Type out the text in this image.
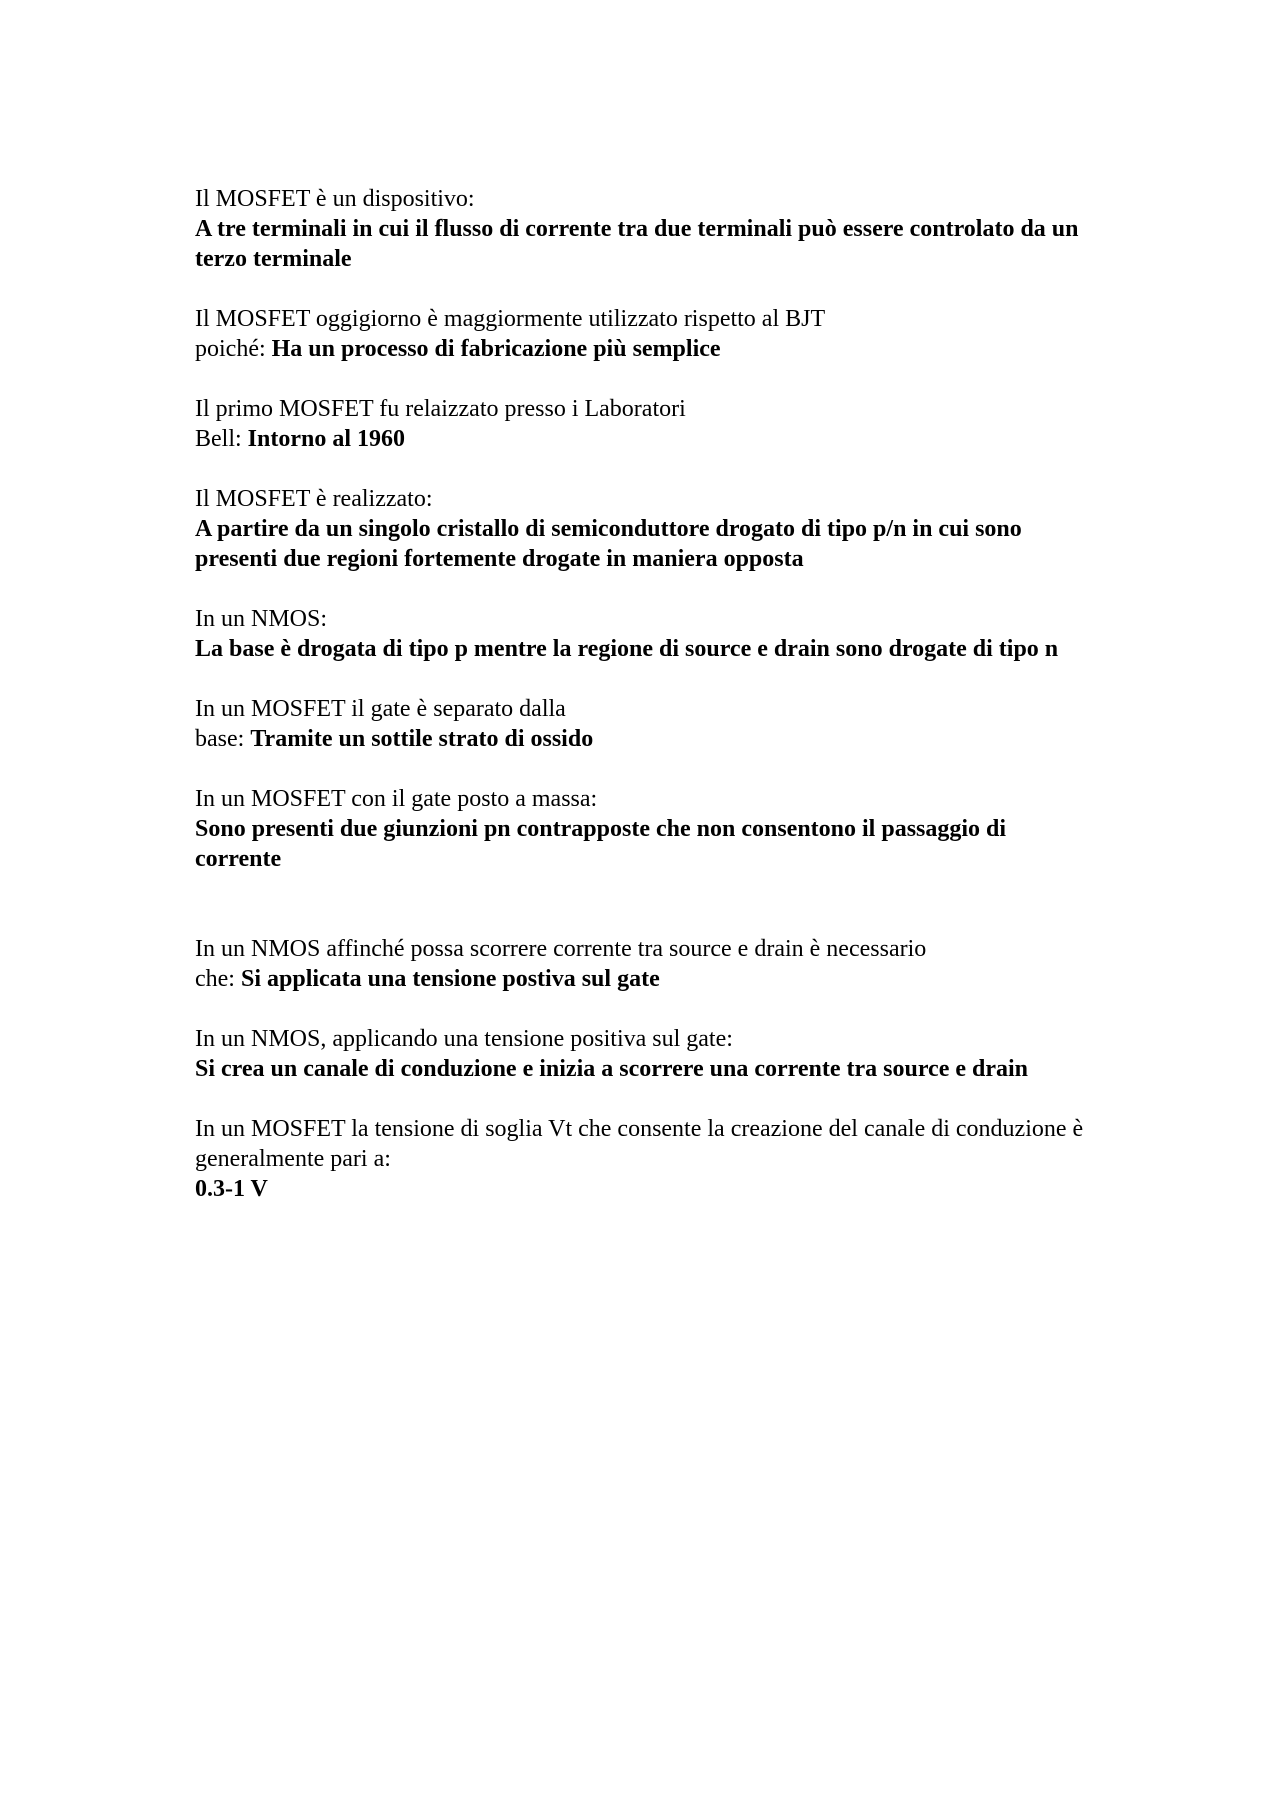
Il MOSFET è un dispositivo:
A tre terminali in cui il flusso di corrente tra due terminali può essere controlato da un terzo terminale
Il MOSFET oggigiorno è maggiormente utilizzato rispetto al BJT
poiché: Ha un processo di fabricazione più semplice
Il primo MOSFET fu relaizzato presso i Laboratori
Bell: Intorno al 1960
Il MOSFET è realizzato:
A partire da un singolo cristallo di semiconduttore drogato di tipo p/n in cui sono presenti due regioni fortemente drogate in maniera opposta
In un NMOS:
La base è drogata di tipo p mentre la regione di source e drain sono drogate di tipo n
In un MOSFET il gate è separato dalla
base: Tramite un sottile strato di ossido
In un MOSFET con il gate posto a massa:
Sono presenti due giunzioni pn contrapposte che non consentono il passaggio di corrente
In un NMOS affinché possa scorrere corrente tra source e drain è necessario
che: Si applicata una tensione postiva sul gate
In un NMOS, applicando una tensione positiva sul gate:
Si crea un canale di conduzione e inizia a scorrere una corrente tra source e drain
In un MOSFET la tensione di soglia Vt che consente la creazione del canale di conduzione è generalmente pari a:
0.3-1 V
